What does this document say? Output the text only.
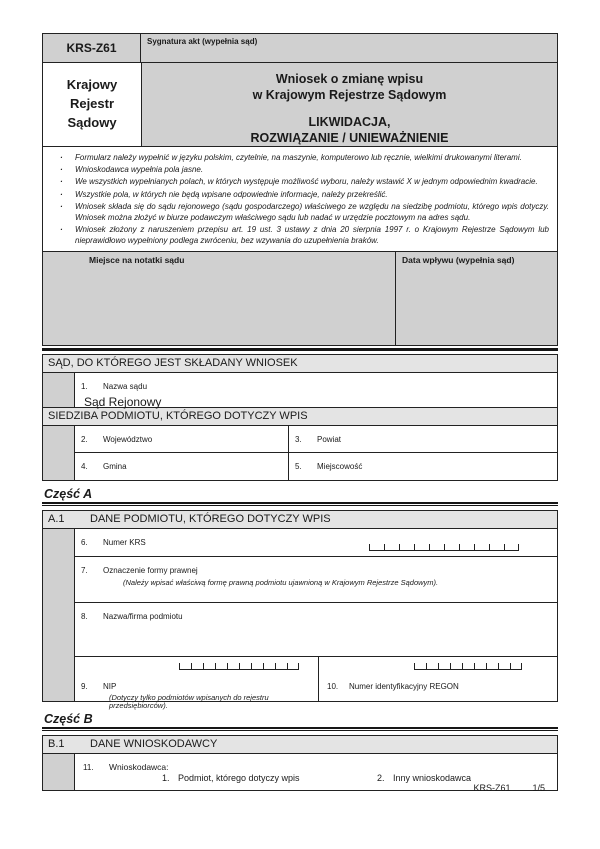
KRS-Z61	Sygnatura akt (wypełnia sąd)
Krajowy
Rejestr
Sądowy
Wniosek o zmianę wpisu
w Krajowym Rejestrze Sądowym
LIKWIDACJA,
ROZWIĄZANIE / UNIEWAŻNIENIE
· Formularz należy wypełnić w języku polskim, czytelnie, na maszynie, komputerowo lub ręcznie, wielkimi drukowanymi literami.
· Wnioskodawca wypełnia pola jasne.
· We wszystkich wypełnianych polach, w których występuje możliwość wyboru, należy wstawić X w jednym odpowiednim kwadracie.
· Wszystkie pola, w których nie będą wpisane odpowiednie informacje, należy przekreślić.
· Wniosek składa się do sądu rejonowego (sądu gospodarczego) właściwego ze względu na siedzibę podmiotu, którego wpis dotyczy. Wniosek można złożyć w biurze podawczym właściwego sądu lub nadać w urzędzie pocztowym na adres sądu.
· Wniosek złożony z naruszeniem przepisu art. 19 ust. 3 ustawy z dnia 20 sierpnia 1997 r. o Krajowym Rejestrze Sądowym lub nieprawidłowo wypełniony podlega zwróceniu, bez wzywania do uzupełnienia braków.
Miejsce na notatki sądu	Data wpływu (wypełnia sąd)
SĄD, DO KTÓREGO JEST SKŁADANY WNIOSEK
1. Nazwa sądu
Sąd Rejonowy
SIEDZIBA PODMIOTU, KTÓREGO DOTYCZY WPIS
2. Województwo	3. Powiat
4. Gmina	5. Miejscowość
Część A
A.1	DANE PODMIOTU, KTÓREGO DOTYCZY WPIS
6. Numer KRS
7. Oznaczenie formy prawnej
(Należy wpisać właściwą formę prawną podmiotu ujawnioną w Krajowym Rejestrze Sądowym).
8. Nazwa/firma podmiotu
9. NIP
(Dotyczy tylko podmiotów wpisanych do rejestru przedsiębiorców).
10. Numer identyfikacyjny REGON
Część B
B.1	DANE WNIOSKODAWCY
11. Wnioskodawca:
1. Podmiot, którego dotyczy wpis	2. Inny wnioskodawca
KRS-Z61 1/5
